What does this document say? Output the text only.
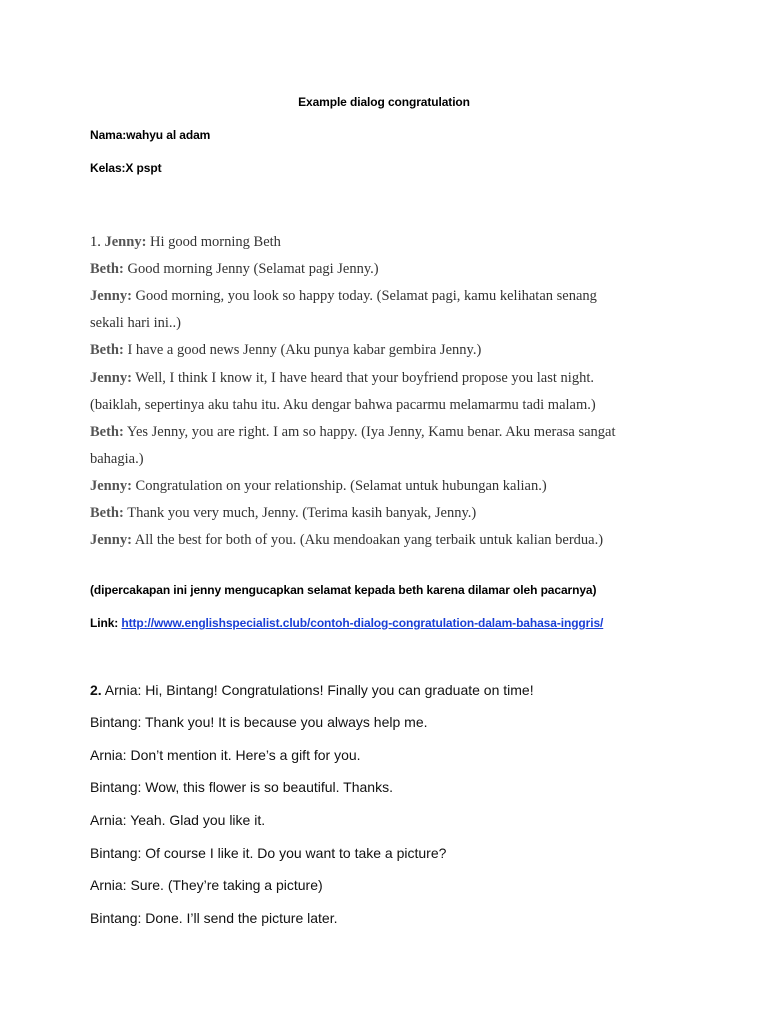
Example dialog congratulation
Nama:wahyu al adam
Kelas:X pspt
1. Jenny: Hi good morning Beth
Beth: Good morning Jenny (Selamat pagi Jenny.)
Jenny: Good morning, you look so happy today. (Selamat pagi, kamu kelihatan senang
sekali hari ini..)
Beth: I have a good news Jenny (Aku punya kabar gembira Jenny.)
Jenny: Well, I think I know it, I have heard that your boyfriend propose you last night.
(baiklah, sepertinya aku tahu itu. Aku dengar bahwa pacarmu melamarmu tadi malam.)
Beth: Yes Jenny, you are right. I am so happy. (Iya Jenny, Kamu benar. Aku merasa sangat
bahagia.)
Jenny: Congratulation on your relationship. (Selamat untuk hubungan kalian.)
Beth: Thank you very much, Jenny. (Terima kasih banyak, Jenny.)
Jenny: All the best for both of you. (Aku mendoakan yang terbaik untuk kalian berdua.)
(dipercakapan ini jenny mengucapkan selamat kepada beth karena dilamar oleh pacarnya)
Link: http://www.englishspecialist.club/contoh-dialog-congratulation-dalam-bahasa-inggris/
2. Arnia: Hi, Bintang! Congratulations! Finally you can graduate on time!
Bintang: Thank you! It is because you always help me.
Arnia: Don’t mention it. Here’s a gift for you.
Bintang: Wow, this flower is so beautiful. Thanks.
Arnia: Yeah. Glad you like it.
Bintang: Of course I like it. Do you want to take a picture?
Arnia: Sure. (They’re taking a picture)
Bintang: Done. I’ll send the picture later.
